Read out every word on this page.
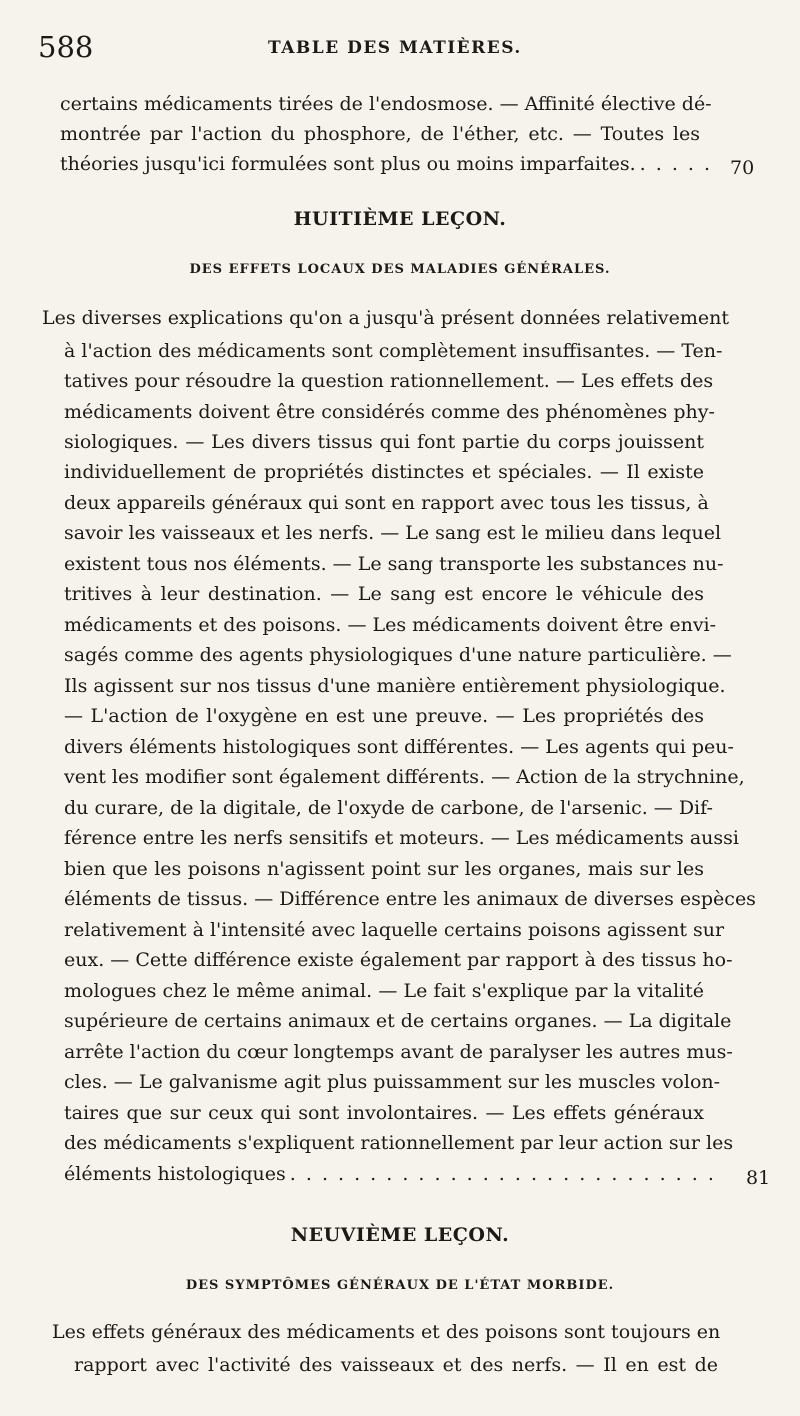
588	TABLE DES MATIÈRES.
certains médicaments tirées de l'endosmose. — Affinité élective dé-
montrée par l'action du phosphore, de l'éther, etc. — Toutes les
théories jusqu'ici formulées sont plus ou moins imparfaites. . . .	70
HUITIÈME LEÇON.
DES EFFETS LOCAUX DES MALADIES GÉNÉRALES.
Les diverses explications qu'on a jusqu'à présent données relativement
à l'action des médicaments sont complètement insuffisantes. — Ten-
tatives pour résoudre la question rationnellement. — Les effets des
médicaments doivent être considérés comme des phénomènes phy-
siologiques. — Les divers tissus qui font partie du corps jouissent
individuellement de propriétés distinctes et spéciales. — Il existe
deux appareils généraux qui sont en rapport avec tous les tissus, à
savoir les vaisseaux et les nerfs. — Le sang est le milieu dans lequel
existent tous nos éléments. — Le sang transporte les substances nu-
tritives à leur destination. — Le sang est encore le véhicule des
médicaments et des poisons. — Les médicaments doivent être envi-
sagés comme des agents physiologiques d'une nature particulière. —
Ils agissent sur nos tissus d'une manière entièrement physiologique.
— L'action de l'oxygène en est une preuve. — Les propriétés des
divers éléments histologiques sont différentes. — Les agents qui peu-
vent les modifier sont également différents. — Action de la strychnine,
du curare, de la digitale, de l'oxyde de carbone, de l'arsenic. — Dif-
férence entre les nerfs sensitifs et moteurs. — Les médicaments aussi
bien que les poisons n'agissent point sur les organes, mais sur les
éléments de tissus. — Différence entre les animaux de diverses espèces
relativement à l'intensité avec laquelle certains poisons agissent sur
eux. — Cette différence existe également par rapport à des tissus ho-
mologues chez le même animal. — Le fait s'explique par la vitalité
supérieure de certains animaux et de certains organes. — La digitale
arrête l'action du cœur longtemps avant de paralyser les autres mus-
cles. — Le galvanisme agit plus puissamment sur les muscles volon-
taires que sur ceux qui sont involontaires. — Les effets généraux
des médicaments s'expliquent rationnellement par leur action sur les
éléments histologiques . . .	81
NEUVIÈME LEÇON.
DES SYMPTÔMES GÉNÉRAUX DE L'ÉTAT MORBIDE.
Les effets généraux des médicaments et des poisons sont toujours en
rapport avec l'activité des vaisseaux et des nerfs. — Il en est de
